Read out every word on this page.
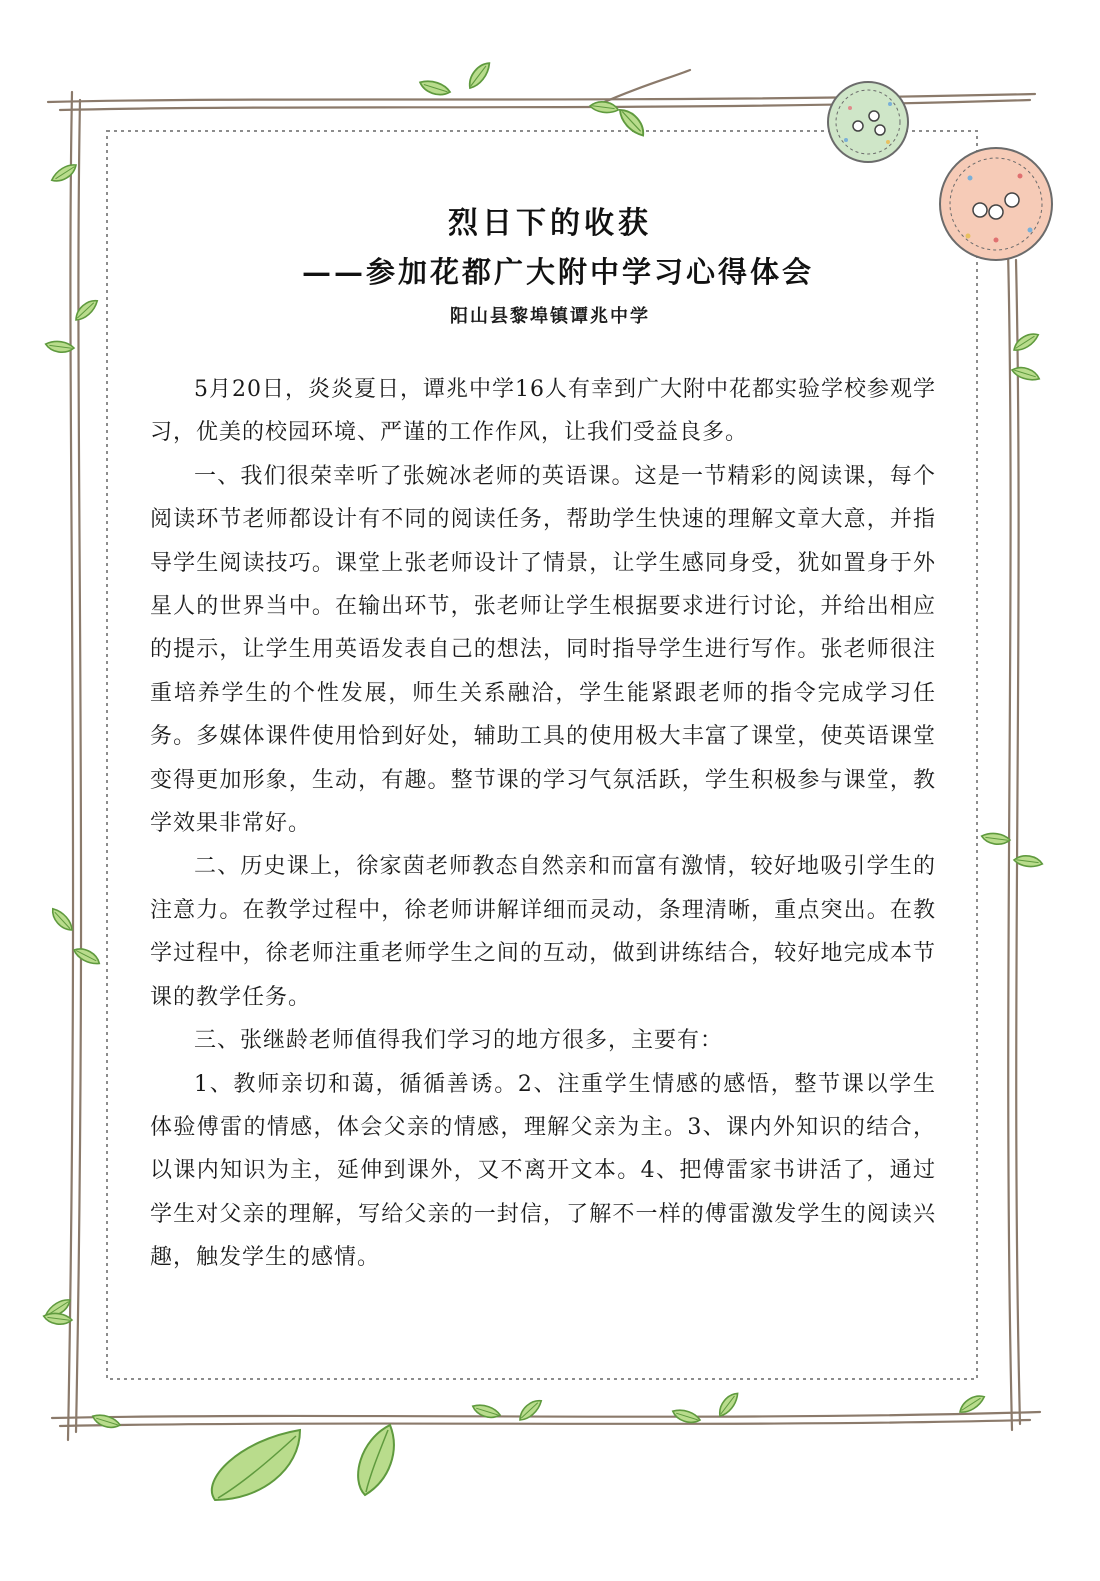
烈日下的收获
——参加花都广大附中学习心得体会
阳山县黎埠镇谭兆中学

5月20日，炎炎夏日，谭兆中学16人有幸到广大附中花都实验学校参观学习，优美的校园环境、严谨的工作作风，让我们受益良多。

一、我们很荣幸听了张婉冰老师的英语课。这是一节精彩的阅读课，每个阅读环节老师都设计有不同的阅读任务，帮助学生快速的理解文章大意，并指导学生阅读技巧。课堂上张老师设计了情景，让学生感同身受，犹如置身于外星人的世界当中。在输出环节，张老师让学生根据要求进行讨论，并给出相应的提示，让学生用英语发表自己的想法，同时指导学生进行写作。张老师很注重培养学生的个性发展，师生关系融洽，学生能紧跟老师的指令完成学习任务。多媒体课件使用恰到好处，辅助工具的使用极大丰富了课堂，使英语课堂变得更加形象，生动，有趣。整节课的学习气氛活跃，学生积极参与课堂，教学效果非常好。

二、历史课上，徐家茵老师教态自然亲和而富有激情，较好地吸引学生的注意力。在教学过程中，徐老师讲解详细而灵动，条理清晰，重点突出。在教学过程中，徐老师注重老师学生之间的互动，做到讲练结合，较好地完成本节课的教学任务。

三、张继龄老师值得我们学习的地方很多，主要有：

1、教师亲切和蔼，循循善诱。2、注重学生情感的感悟，整节课以学生体验傅雷的情感，体会父亲的情感，理解父亲为主。3、课内外知识的结合，以课内知识为主，延伸到课外，又不离开文本。4、把傅雷家书讲活了，通过学生对父亲的理解，写给父亲的一封信，了解不一样的傅雷激发学生的阅读兴趣，触发学生的感情。
